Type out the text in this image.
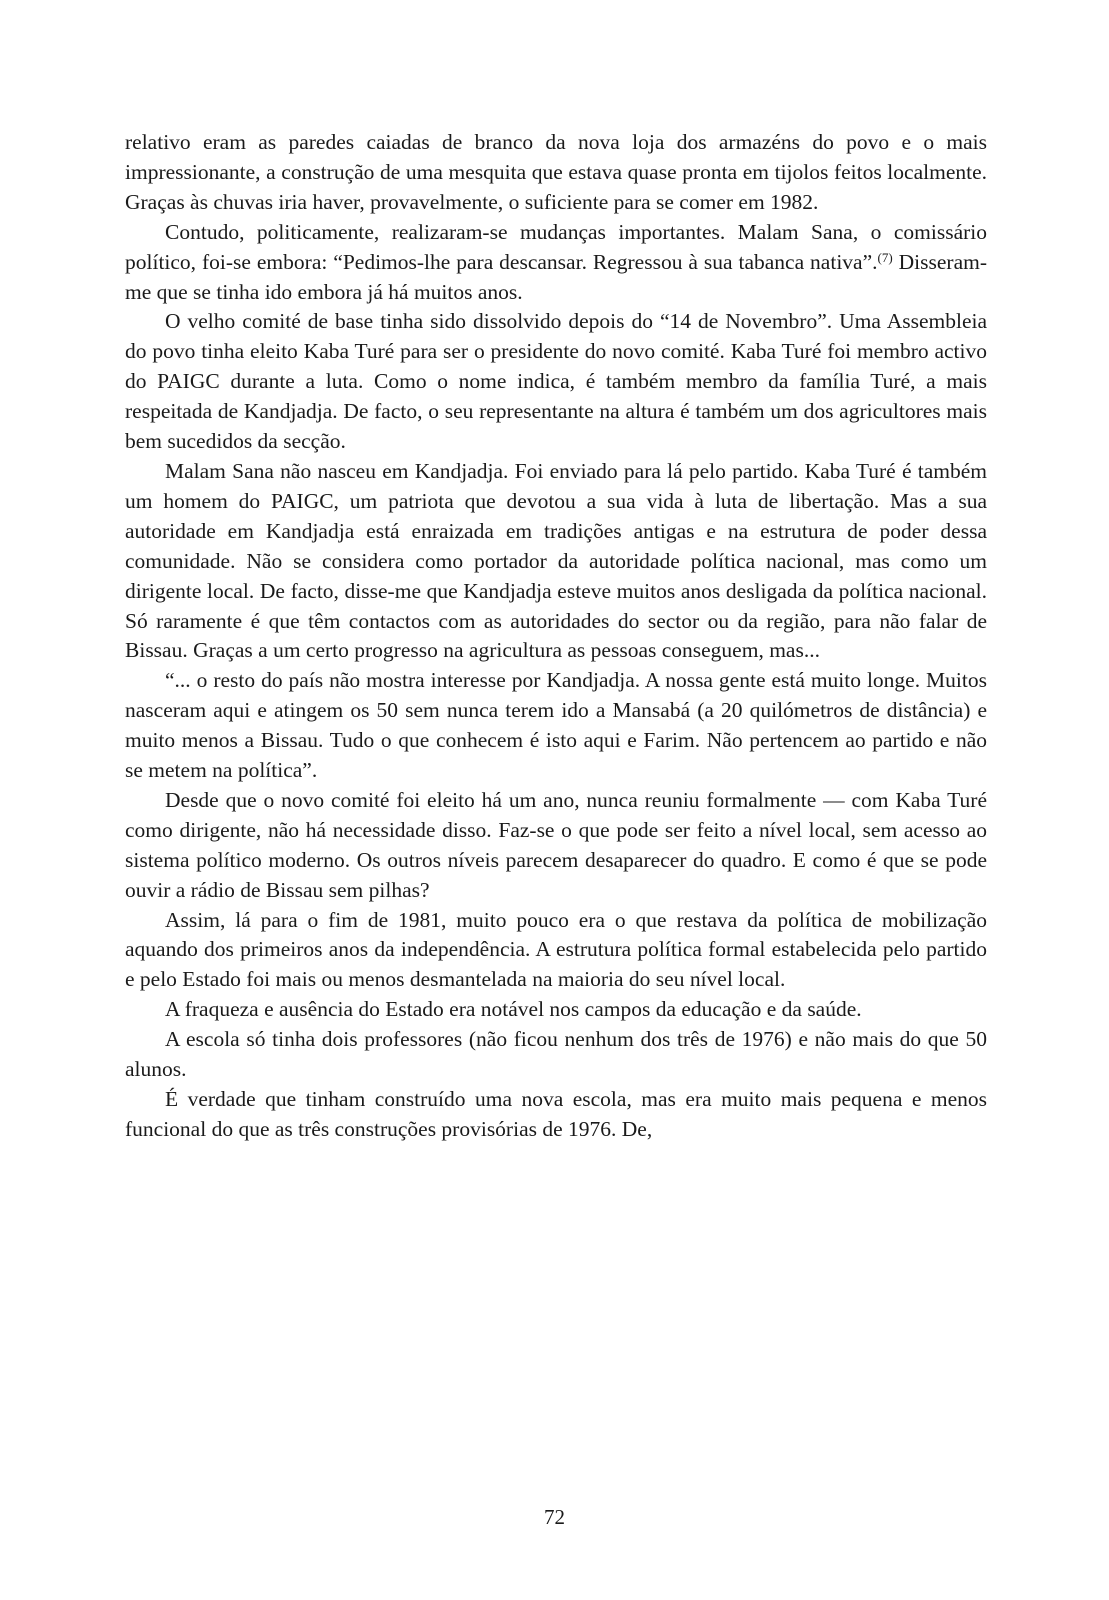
relativo eram as paredes caiadas de branco da nova loja dos armazéns do povo e o mais impressionante, a construção de uma mesquita que estava quase pronta em tijolos feitos localmente. Graças às chuvas iria haver, provavelmente, o suficiente para se comer em 1982.

Contudo, politicamente, realizaram-se mudanças importantes. Malam Sana, o comissário político, foi-se embora: “Pedimos-lhe para descansar. Regressou à sua tabanca nativa”.$^{(7)}$ Disseram-me que se tinha ido embora já há muitos anos.

O velho comité de base tinha sido dissolvido depois do “14 de Novembro”. Uma Assembleia do povo tinha eleito Kaba Turé para ser o presidente do novo comité. Kaba Turé foi membro activo do PAIGC durante a luta. Como o nome indica, é também membro da família Turé, a mais respeitada de Kandjadja. De facto, o seu representante na altura é também um dos agricultores mais bem sucedidos da secção.

Malam Sana não nasceu em Kandjadja. Foi enviado para lá pelo partido. Kaba Turé é também um homem do PAIGC, um patriota que devotou a sua vida à luta de libertação. Mas a sua autoridade em Kandjadja está enraizada em tradições antigas e na estrutura de poder dessa comunidade. Não se considera como portador da autoridade política nacional, mas como um dirigente local. De facto, disse-me que Kandjadja esteve muitos anos desligada da política nacional. Só raramente é que têm contactos com as autoridades do sector ou da região, para não falar de Bissau. Graças a um certo progresso na agricultura as pessoas conseguem, mas...

“... o resto do país não mostra interesse por Kandjadja. A nossa gente está muito longe. Muitos nasceram aqui e atingem os 50 sem nunca terem ido a Mansabá (a 20 quilómetros de distância) e muito menos a Bissau. Tudo o que conhecem é isto aqui e Farim. Não pertencem ao partido e não se metem na política”.

Desde que o novo comité foi eleito há um ano, nunca reuniu formalmente — com Kaba Turé como dirigente, não há necessidade disso. Faz-se o que pode ser feito a nível local, sem acesso ao sistema político moderno. Os outros níveis parecem desaparecer do quadro. E como é que se pode ouvir a rádio de Bissau sem pilhas?

Assim, lá para o fim de 1981, muito pouco era o que restava da política de mobilização aquando dos primeiros anos da independência. A estrutura política formal estabelecida pelo partido e pelo Estado foi mais ou menos desmantelada na maioria do seu nível local.

A fraqueza e ausência do Estado era notável nos campos da educação e da saúde.

A escola só tinha dois professores (não ficou nenhum dos três de 1976) e não mais do que 50 alunos.

É verdade que tinham construído uma nova escola, mas era muito mais pequena e menos funcional do que as três construções provisórias de 1976. De,

72
